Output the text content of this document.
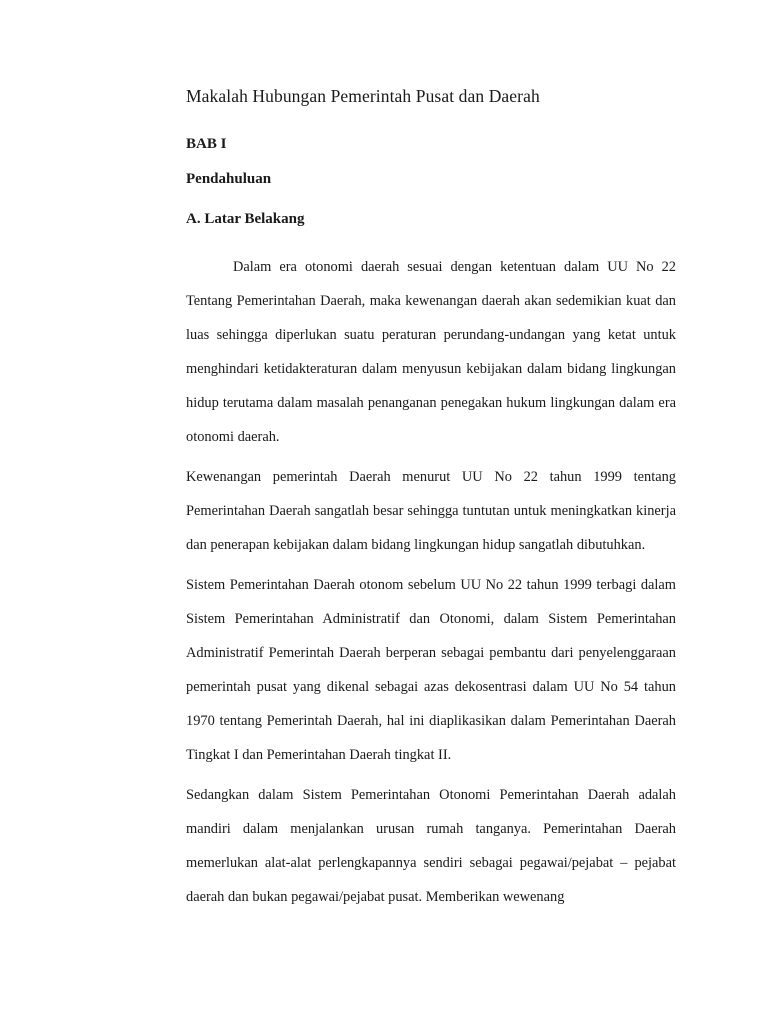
Makalah Hubungan Pemerintah Pusat dan Daerah
BAB I
Pendahuluan
A. Latar Belakang

Dalam era otonomi daerah sesuai dengan ketentuan dalam UU No 22 Tentang Pemerintahan Daerah, maka kewenangan daerah akan sedemikian kuat dan luas sehingga diperlukan suatu peraturan perundang-undangan yang ketat untuk menghindari ketidakteraturan dalam menyusun kebijakan dalam bidang lingkungan hidup terutama dalam masalah penanganan penegakan hukum lingkungan dalam era otonomi daerah.

Kewenangan pemerintah Daerah menurut UU No 22 tahun 1999 tentang Pemerintahan Daerah sangatlah besar sehingga tuntutan untuk meningkatkan kinerja dan penerapan kebijakan dalam bidang lingkungan hidup sangatlah dibutuhkan.

Sistem Pemerintahan Daerah otonom sebelum UU No 22 tahun 1999 terbagi dalam Sistem Pemerintahan Administratif dan Otonomi, dalam Sistem Pemerintahan Administratif Pemerintah Daerah berperan sebagai pembantu dari penyelenggaraan pemerintah pusat yang dikenal sebagai azas dekosentrasi dalam UU No 54 tahun 1970 tentang Pemerintah Daerah, hal ini diaplikasikan dalam Pemerintahan Daerah Tingkat I dan Pemerintahan Daerah tingkat II.

Sedangkan dalam Sistem Pemerintahan Otonomi Pemerintahan Daerah adalah mandiri dalam menjalankan urusan rumah tanganya. Pemerintahan Daerah memerlukan alat-alat perlengkapannya sendiri sebagai pegawai/pejabat – pejabat daerah dan bukan pegawai/pejabat pusat. Memberikan wewenang
